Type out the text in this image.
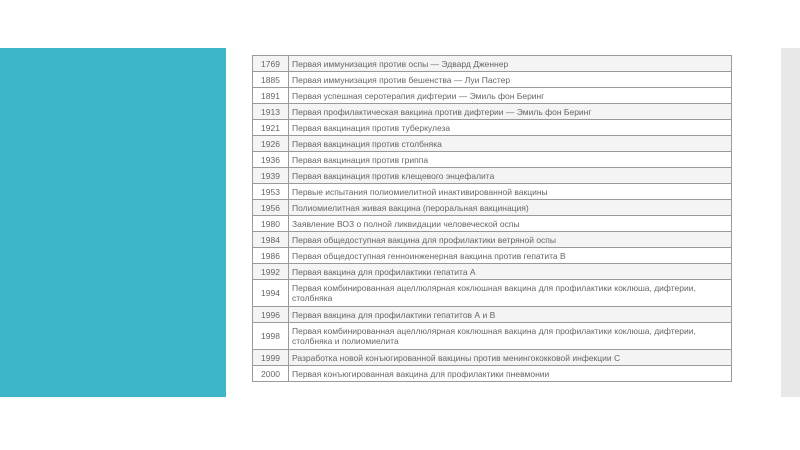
1769	Первая иммунизация против оспы — Эдвард Дженнер
1885	Первая иммунизация против бешенства — Луи Пастер
1891	Первая успешная серотерапия дифтерии — Эмиль фон Беринг
1913	Первая профилактическая вакцина против дифтерии — Эмиль фон Беринг
1921	Первая вакцинация против туберкулеза
1926	Первая вакцинация против столбняка
1936	Первая вакцинация против гриппа
1939	Первая вакцинация против клещевого энцефалита
1953	Первые испытания полиомиелитной инактивированной вакцины
1956	Полиомиелитная живая вакцина (пероральная вакцинация)
1980	Заявление ВОЗ о полной ликвидации человеческой оспы
1984	Первая общедоступная вакцина для профилактики ветряной оспы
1986	Первая общедоступная генноинженерная вакцина против гепатита В
1992	Первая вакцина для профилактики гепатита А
1994	Первая комбинированная ацеллюлярная коклюшная вакцина для профилактики коклюша, дифтерии, столбняка
1996	Первая вакцина для профилактики гепатитов А и В
1998	Первая комбинированная ацеллюлярная коклюшная вакцина для профилактики коклюша, дифтерии, столбняка и полиомиелита
1999	Разработка новой конъюгированной вакцины против менингококковой инфекции С
2000	Первая конъюгированная вакцина для профилактики пневмонии
